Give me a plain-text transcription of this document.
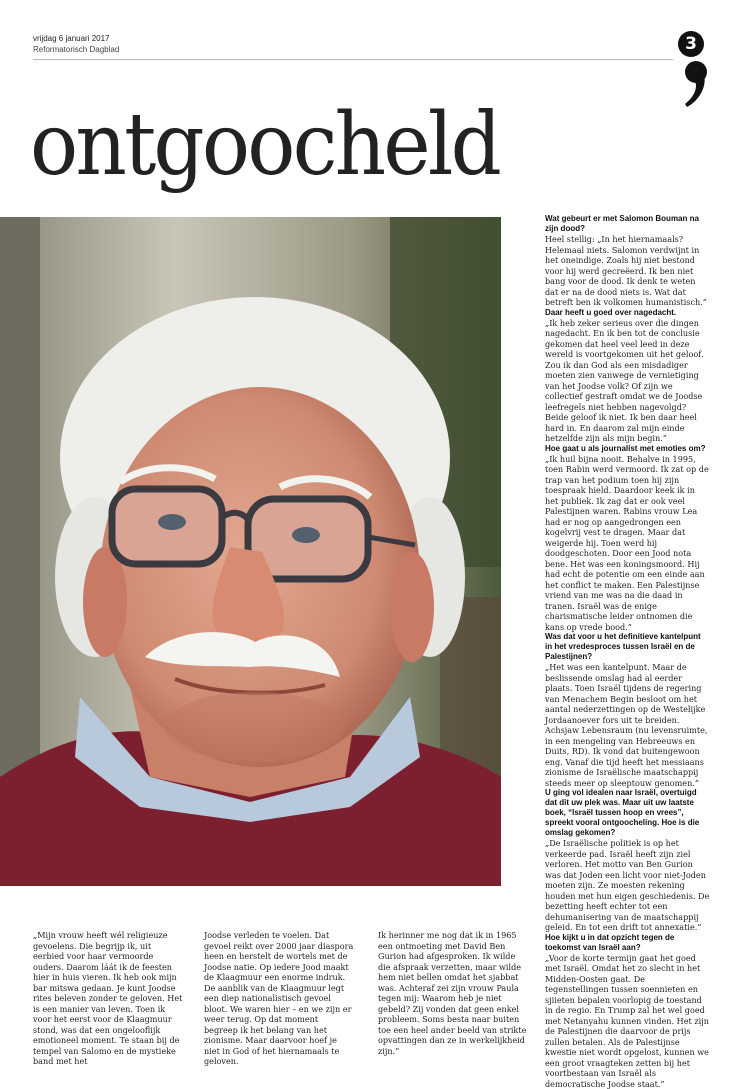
vrijdag 6 januari 2017
Reformatorisch Dagblad	3
ontgoocheld

Wat gebeurt er met Salomon Bouman na zijn dood?

Heel stellig: „In het hiernamaals? Helemaal niets. Salomon verdwijnt in het oneindige. Zoals hij niet bestond voor hij werd gecreëerd. Ik ben niet bang voor de dood. Ik denk te weten dat er na de dood niets is. Wat dat betreft ben ik volkomen humanistisch.”

Daar heeft u goed over nagedacht.

„Ik heb zeker serieus over die dingen nagedacht. En ik ben tot de conclusie gekomen dat heel veel leed in deze wereld is voortgekomen uit het geloof. Zou ik dan God als een misdadiger moeten zien vanwege de vernietiging van het Joodse volk? Of zijn we collectief gestraft omdat we de Joodse leefregels niet hebben nagevolgd? Beide geloof ik niet. Ik ben daar heel hard in. En daarom zal mijn einde hetzelfde zijn als mijn begin.”

Hoe gaat u als journalist met emoties om?

„Ik huil bijna nooit. Behalve in 1995, toen Rabin werd vermoord. Ik zat op de trap van het podium toen hij zijn toespraak hield. Daardoor keek ik in het publiek. Ik zag dat er ook veel Palestijnen waren. Rabins vrouw Lea had er nog op aangedrongen een kogelvrij vest te dragen. Maar dat weigerde hij. Toen werd hij doodgeschoten. Door een Jood nota bene. Het was een koningsmoord. Hij had echt de potentie om een einde aan het conflict te maken. Een Palestijnse vriend van me was na die daad in tranen. Israël was de enige charismatische leider ontnomen die kans op vrede bood.”

Was dat voor u het definitieve kantelpunt in het vredesproces tussen Israël en de Palestijnen?

„Het was een kantelpunt. Maar de beslissende omslag had al eerder plaats. Toen Israël tijdens de regering van Menachem Begin besloot om het aantal nederzettingen op de Westelijke Jordaanoever fors uit te breiden. Achsjaw Lebensraum (nu levensruimte, in een mengeling van Hebreeuws en Duits, RD). Ik vond dat buitengewoon eng. Vanaf die tijd heeft het messiaans zionisme de Israëlische maatschappij steeds meer op sleeptouw genomen.”

U ging vol idealen naar Israël, overtuigd dat dit uw plek was. Maar uit uw laatste boek, “Israël tussen hoop en vrees”, spreekt vooral ontgoocheling. Hoe is die omslag gekomen?

„De Israëlische politiek is op het verkeerde pad. Israël heeft zijn ziel verloren. Het motto van Ben Gurion was dat Joden een licht voor niet-Joden moeten zijn. Ze moesten rekening houden met hun eigen geschiedenis. De bezetting heeft echter tot een dehumanisering van de maatschappij geleid. En tot een drift tot annexatie.”

Hoe kijkt u in dat opzicht tegen de toekomst van Israël aan?

„Voor de korte termijn gaat het goed met Israël. Omdat het zo slecht in het Midden-Oosten gaat. De tegenstellingen tussen soennieten en sjiieten bepalen voorlopig de toestand in de regio. En Trump zal het wel goed met Netanyahu kunnen vinden. Het zijn de Palestijnen die daarvoor de prijs zullen betalen. Als de Palestijnse kwestie niet wordt opgelost, kunnen we een groot vraagteken zetten bij het voortbestaan van Israël als democratische Joodse staat.”

„Mijn vrouw heeft wél religieuze gevoelens. Die begrijp ik, uit eerbied voor haar vermoorde ouders. Daarom láát ik de feesten hier in huis vieren. Ik heb ook mijn bar mitswa gedaan. Je kunt Joodse rites beleven zonder te geloven. Het is een manier van leven. Toen ik voor het eerst voor de Klaagmuur stond, was dat een ongelooflijk emotioneel moment. Te staan bij de tempel van Salomo en de mystieke band met het
Joodse verleden te voelen. Dat gevoel reikt over 2000 jaar diaspora heen en herstelt de wortels met de Joodse natie. Op iedere Jood maakt de Klaagmuur een enorme indruk. De aanblik van de Klaagmuur legt een diep nationalistisch gevoel bloot. We waren hier – en we zijn er weer terug. Op dat moment begreep ik het belang van het zionisme. Maar daarvoor hoef je niet in God of het hiernamaals te geloven.
Ik herinner me nog dat ik in 1965 een ontmoeting met David Ben Gurion had afgesproken. Ik wilde die afspraak verzetten, maar wilde hem niet bellen omdat het sjabbat was. Achteraf zei zijn vrouw Paula tegen mij: Waarom heb je niet gebeld? Zij vonden dat geen enkel probleem. Soms besta naar buiten toe een heel ander beeld van strikte opvattingen dan ze in werkelijkheid zijn.”
